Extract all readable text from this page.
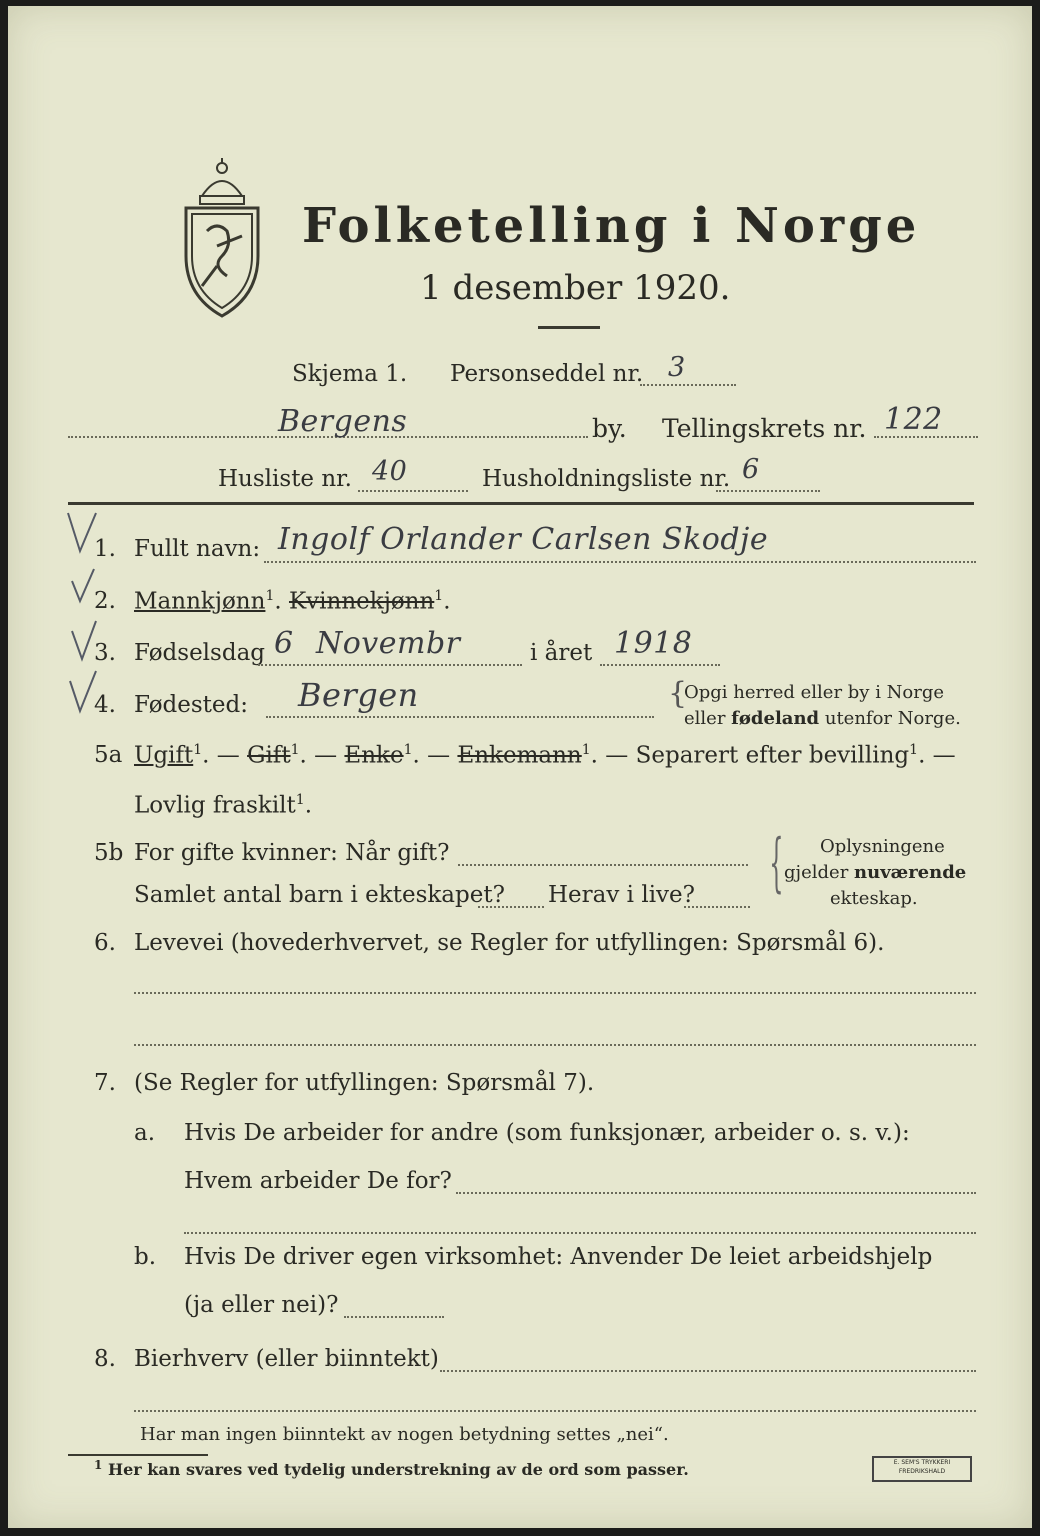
Folketelling i Norge
1 desember 1920.
Skjema 1. Personseddel nr. 3
Bergens	by. Tellingskrets nr. 122
Husliste nr. 40	Husholdningsliste nr. 6
1. Fullt navn: Ingolf Orlander Carlsen Skodje
2. Mannkjønn$^1$. Kvinnekjønn$^1$.
3. Fødselsdag 6 Novembr	i året 1918
4. Fødested: Bergen	{
Opgi herred eller by i Norge
eller fødeland utenfor Norge.
5a Ugift$^1$. — Gift$^1$. — Enke$^1$. — Enkemann$^1$. — Separert efter bevilling$^1$. —
Lovlig fraskilt$^1$.
5b For gifte kvinner: Når gift?
Samlet antal barn i ekteskapet? Herav i live? { Oplysningene
gjelder nuværende
ekteskap.
6. Levevei (hovederhvervet, se Regler for utfyllingen: Spørsmål 6).
7. (Se Regler for utfyllingen: Spørsmål 7).
a. Hvis De arbeider for andre (som funksjonær, arbeider o. s. v.):
Hvem arbeider De for?
b. Hvis De driver egen virksomhet: Anvender De leiet arbeidshjelp
(ja eller nei)?
8. Bierhverv (eller biinntekt)
Har man ingen biinntekt av nogen betydning settes „nei“.
1 Her kan svares ved tydelig understrekning av de ord som passer.	E. SEM'S TRYKKERI
FREDRIKSHALD
